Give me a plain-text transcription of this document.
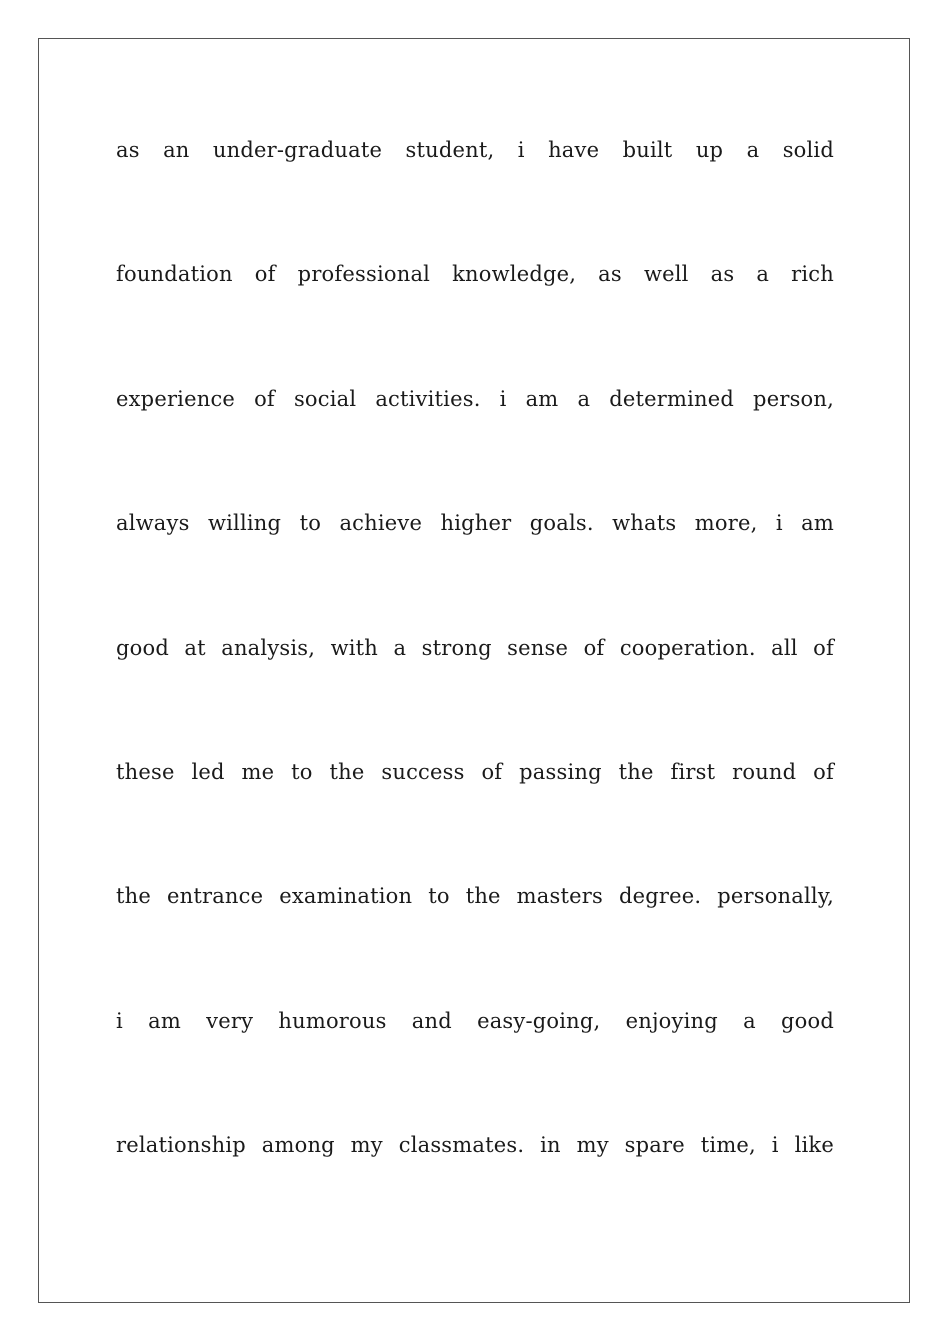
as an under-graduate student, i have built up a solid
foundation of professional knowledge, as well as a rich
experience of social activities. i am a determined person,
always willing to achieve higher goals. whats more, i am
good at analysis, with a strong sense of cooperation. all of
these led me to the success of passing the first round of
the entrance examination to the masters degree. personally,
i am very humorous and easy-going, enjoying a good
relationship among my classmates. in my spare time, i like
